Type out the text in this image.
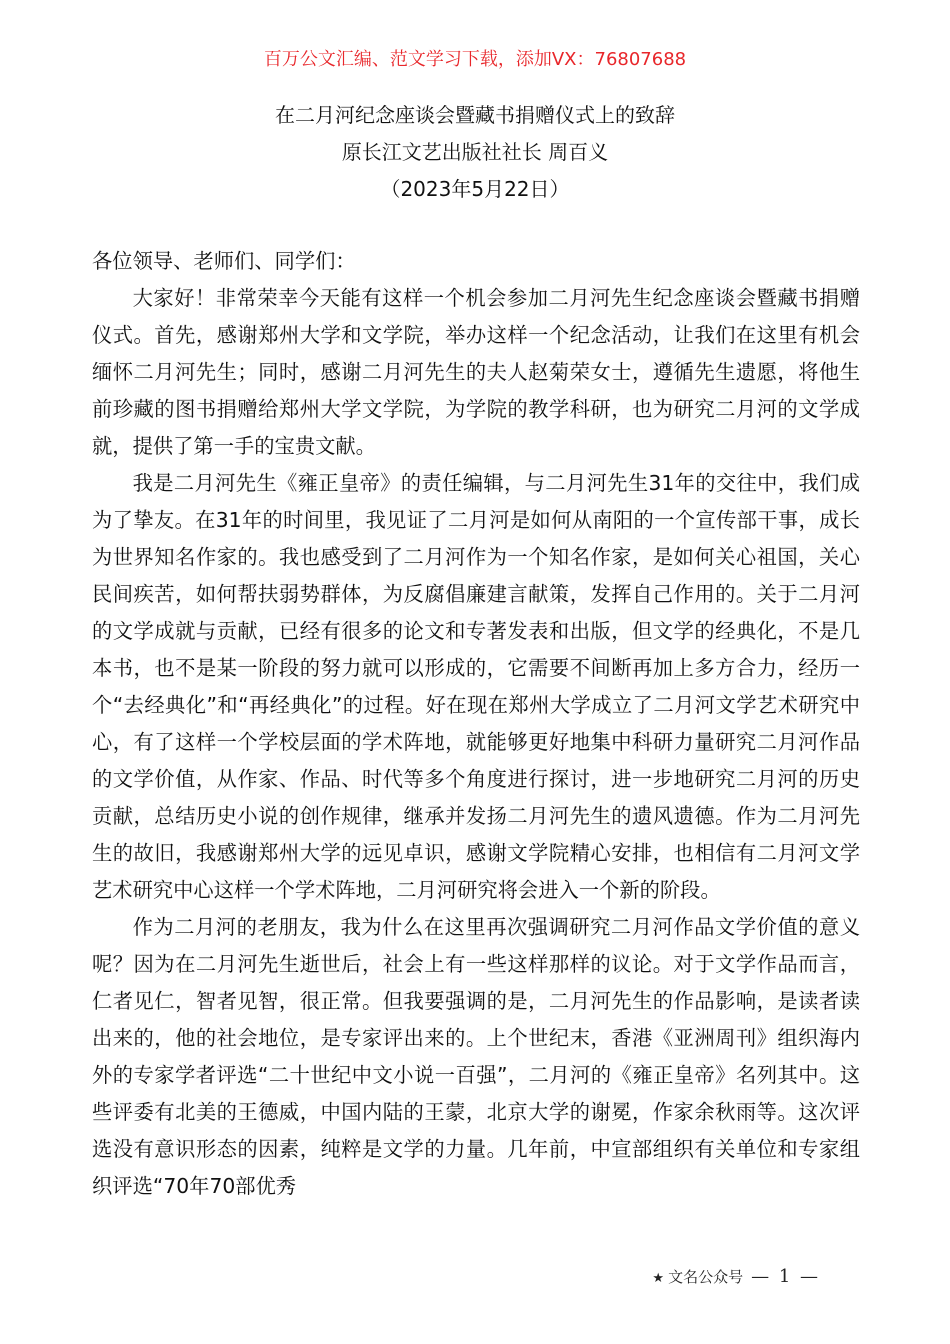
百万公文汇编、范文学习下载，添加VX：76807688
在二月河纪念座谈会暨藏书捐赠仪式上的致辞
原长江文艺出版社社长 周百义
（2023年5月22日）

各位领导、老师们、同学们：

大家好！非常荣幸今天能有这样一个机会参加二月河先生纪念座谈会暨藏书捐赠仪式。首先，感谢郑州大学和文学院，举办这样一个纪念活动，让我们在这里有机会缅怀二月河先生；同时，感谢二月河先生的夫人赵菊荣女士，遵循先生遗愿，将他生前珍藏的图书捐赠给郑州大学文学院，为学院的教学科研，也为研究二月河的文学成就，提供了第一手的宝贵文献。

我是二月河先生《雍正皇帝》的责任编辑，与二月河先生31年的交往中，我们成为了挚友。在31年的时间里，我见证了二月河是如何从南阳的一个宣传部干事，成长为世界知名作家的。我也感受到了二月河作为一个知名作家，是如何关心祖国，关心民间疾苦，如何帮扶弱势群体，为反腐倡廉建言献策，发挥自己作用的。关于二月河的文学成就与贡献，已经有很多的论文和专著发表和出版，但文学的经典化，不是几本书，也不是某一阶段的努力就可以形成的，它需要不间断再加上多方合力，经历一个“去经典化”和“再经典化”的过程。好在现在郑州大学成立了二月河文学艺术研究中心，有了这样一个学校层面的学术阵地，就能够更好地集中科研力量研究二月河作品的文学价值，从作家、作品、时代等多个角度进行探讨，进一步地研究二月河的历史贡献，总结历史小说的创作规律，继承并发扬二月河先生的遗风遗德。作为二月河先生的故旧，我感谢郑州大学的远见卓识，感谢文学院精心安排，也相信有二月河文学艺术研究中心这样一个学术阵地，二月河研究将会进入一个新的阶段。

作为二月河的老朋友，我为什么在这里再次强调研究二月河作品文学价值的意义呢？因为在二月河先生逝世后，社会上有一些这样那样的议论。对于文学作品而言，仁者见仁，智者见智，很正常。但我要强调的是，二月河先生的作品影响，是读者读出来的，他的社会地位，是专家评出来的。上个世纪末，香港《亚洲周刊》组织海内外的专家学者评选“二十世纪中文小说一百强”，二月河的《雍正皇帝》名列其中。这些评委有北美的王德威，中国内陆的王蒙，北京大学的谢冕，作家余秋雨等。这次评选没有意识形态的因素，纯粹是文学的力量。几年前，中宣部组织有关单位和专家组织评选“70年70部优秀

★ 文名公众号 — 1 —
